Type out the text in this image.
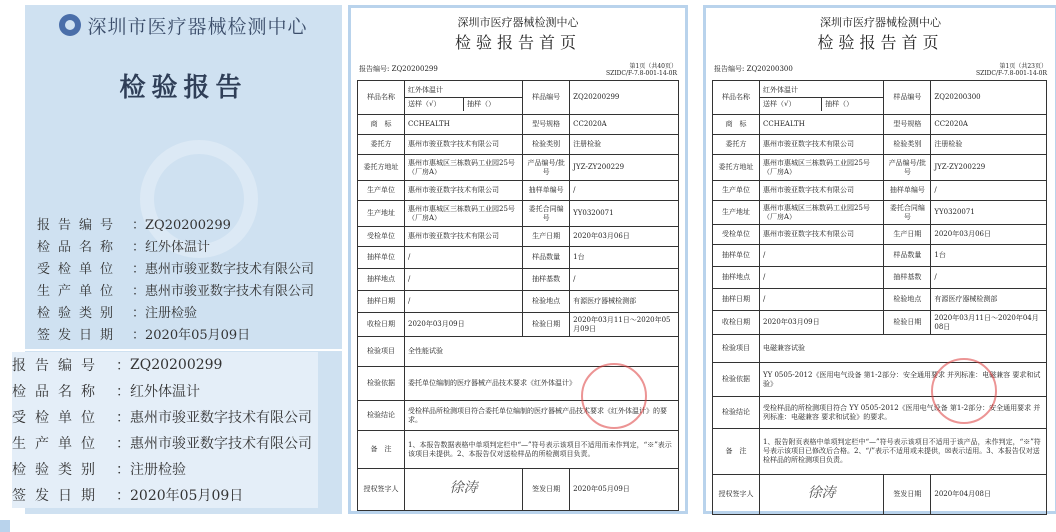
深圳市医疗器械检测中心
检验报告
报告编号 ： ZQ20200299
检品名称 ： 红外体温计
受检单位 ： 惠州市骏亚数字技术有限公司
生产单位 ： 惠州市骏亚数字技术有限公司
检验类别 ： 注册检验
签发日期 ： 2020年05月09日
报告编号 ： ZQ20200299
检品名称 ： 红外体温计
受检单位 ： 惠州市骏亚数字技术有限公司
生产单位 ： 惠州市骏亚数字技术有限公司
检验类别 ： 注册检验
签发日期 ： 2020年05月09日
深圳市医疗器械检测中心
检验报告首页
报告编号: ZQ20200299	第1页（共40页）
SZIDC/F-7.8-001-14-0R
样品名称	红外体温计
送样（√） 抽样（）	样品编号	ZQ20200299
商　标	CCHEALTH	型号规格	CC2020A
委托方	惠州市骏亚数字技术有限公司	检验类别	注册检验
委托方地址	惠州市惠城区三栋数码工业园25号（厂房A）	产品编号/批号	JYZ-ZY200229
生产单位	惠州市骏亚数字技术有限公司	抽样单编号	/
生产地址	惠州市惠城区三栋数码工业园25号（厂房A）	委托合同编号	YY0320071
受检单位	惠州市骏亚数字技术有限公司	生产日期	2020年03月06日
抽样单位	/	样品数量	1台
抽样地点	/	抽样基数	/
抽样日期	/	检验地点	有源医疗器械检测部
收检日期	2020年03月09日	检验日期	2020年03月11日～2020年05月09日
检验项目	全性能试验		
检验依据	委托单位编制的医疗器械产品技术要求《红外体温计》		
检验结论	受检样品所检测项目符合委托单位编制的医疗器械产品技术要求《红外体温计》的要求。		
备　注	1、本报告数据表格中单项判定栏中“—”符号表示该项目不适用而未作判定，“※”表示该项目未提供。2、本报告仅对送检样品的所检测项目负责。		
授权签字人	徐涛	签发日期	2020年05月09日
深圳市医疗器械检测中心
检验报告首页
报告编号: ZQ20200300	第1页（共23页）
SZIDC/F-7.8-001-14-0R
样品名称	红外体温计
送样（√） 抽样（）	样品编号	ZQ20200300
商　标	CCHEALTH	型号规格	CC2020A
委托方	惠州市骏亚数字技术有限公司	检验类别	注册检验
委托方地址	惠州市惠城区三栋数码工业园25号（厂房A）	产品编号/批号	JYZ-ZY200229
生产单位	惠州市骏亚数字技术有限公司	抽样单编号	/
生产地址	惠州市惠城区三栋数码工业园25号（厂房A）	委托合同编号	YY0320071
受检单位	惠州市骏亚数字技术有限公司	生产日期	2020年03月06日
抽样单位	/	样品数量	1台
抽样地点	/	抽样基数	/
抽样日期	/	检验地点	有源医疗器械检测部
收检日期	2020年03月09日	检验日期	2020年03月11日～2020年04月08日
检验项目	电磁兼容试验		
检验依据	YY 0505-2012《医用电气设备 第1-2部分：安全通用要求 并列标准：电磁兼容 要求和试验》		
检验结论	受检样品的所检测项目符合 YY 0505-2012《医用电气设备 第1-2部分：安全通用要求 并列标准：电磁兼容 要求和试验》的要求。		
备　注	1、报告附页表格中单项判定栏中“—”符号表示该项目不适用于该产品，未作判定，“※”符号表示该项目已修改后合格。2、“/”表示不适用或未提供，☒表示适用。3、本报告仅对送检样品的所检测项目负责。		
授权签字人	徐涛	签发日期	2020年04月08日
